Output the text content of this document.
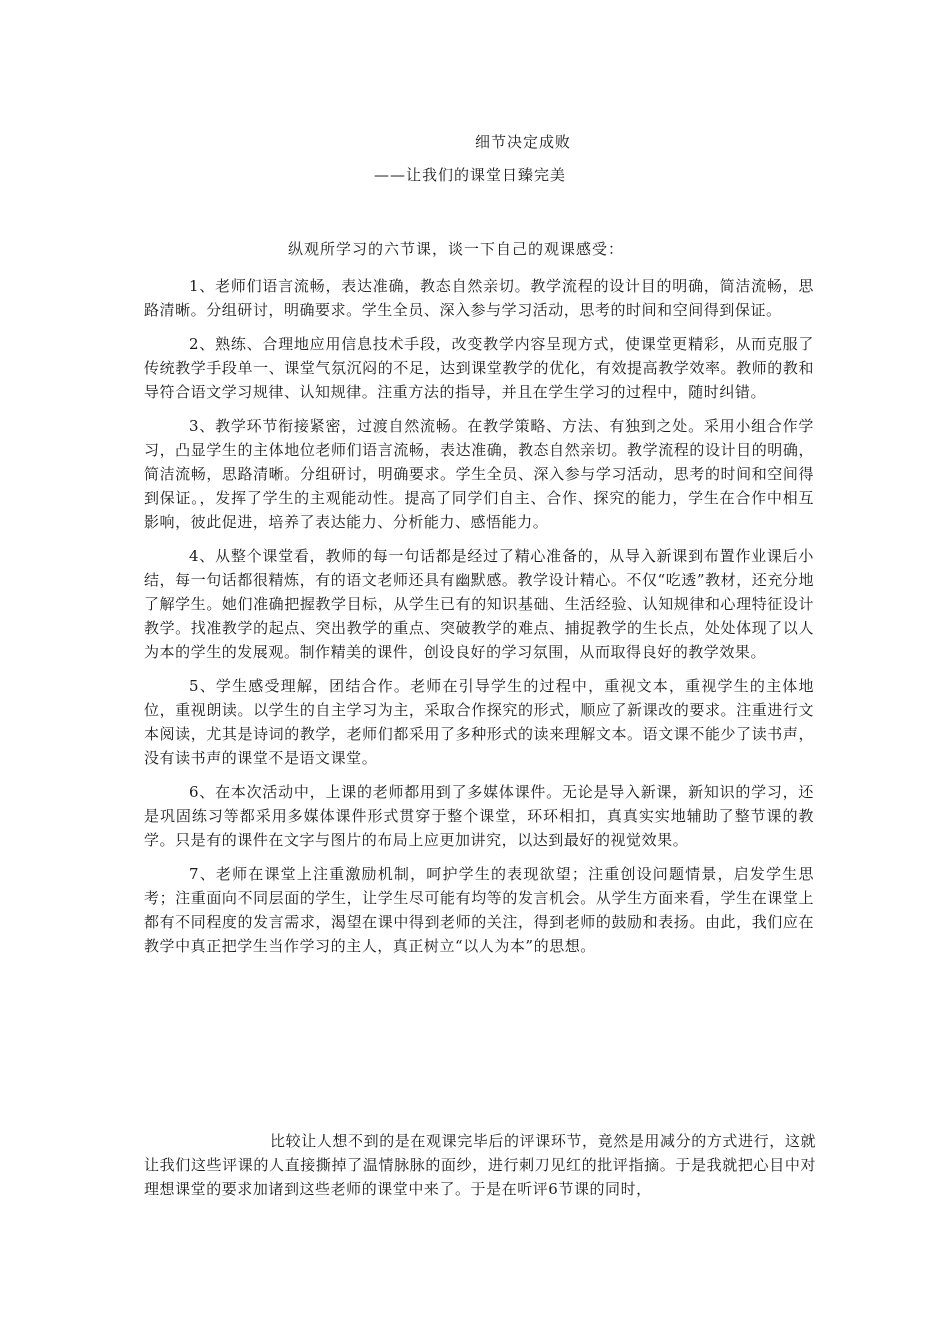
细节决定成败
——让我们的课堂日臻完美
纵观所学习的六节课，谈一下自己的观课感受：

1、老师们语言流畅，表达准确，教态自然亲切。教学流程的设计目的明确，简洁流畅，思路清晰。分组研讨，明确要求。学生全员、深入参与学习活动，思考的时间和空间得到保证。

2、熟练、合理地应用信息技术手段，改变教学内容呈现方式，使课堂更精彩，从而克服了传统教学手段单一、课堂气氛沉闷的不足，达到课堂教学的优化，有效提高教学效率。教师的教和导符合语文学习规律、认知规律。注重方法的指导，并且在学生学习的过程中，随时纠错。

3、教学环节衔接紧密，过渡自然流畅。在教学策略、方法、有独到之处。采用小组合作学习，凸显学生的主体地位老师们语言流畅，表达准确，教态自然亲切。教学流程的设计目的明确，简洁流畅，思路清晰。分组研讨，明确要求。学生全员、深入参与学习活动，思考的时间和空间得到保证。，发挥了学生的主观能动性。提高了同学们自主、合作、探究的能力，学生在合作中相互影响，彼此促进，培养了表达能力、分析能力、感悟能力。

4、从整个课堂看，教师的每一句话都是经过了精心准备的，从导入新课到布置作业课后小结，每一句话都很精炼，有的语文老师还具有幽默感。教学设计精心。不仅“吃透”教材，还充分地了解学生。她们准确把握教学目标，从学生已有的知识基础、生活经验、认知规律和心理特征设计教学。找准教学的起点、突出教学的重点、突破教学的难点、捕捉教学的生长点，处处体现了以人为本的学生的发展观。制作精美的课件，创设良好的学习氛围，从而取得良好的教学效果。

5、学生感受理解，团结合作。老师在引导学生的过程中，重视文本，重视学生的主体地位，重视朗读。以学生的自主学习为主，采取合作探究的形式，顺应了新课改的要求。注重进行文本阅读，尤其是诗词的教学，老师们都采用了多种形式的读来理解文本。语文课不能少了读书声，没有读书声的课堂不是语文课堂。

6、在本次活动中，上课的老师都用到了多媒体课件。无论是导入新课，新知识的学习，还是巩固练习等都采用多媒体课件形式贯穿于整个课堂，环环相扣，真真实实地辅助了整节课的教学。只是有的课件在文字与图片的布局上应更加讲究，以达到最好的视觉效果。

7、老师在课堂上注重激励机制，呵护学生的表现欲望；注重创设问题情景，启发学生思考；注重面向不同层面的学生，让学生尽可能有均等的发言机会。从学生方面来看，学生在课堂上都有不同程度的发言需求，渴望在课中得到老师的关注，得到老师的鼓励和表扬。由此，我们应在教学中真正把学生当作学习的主人，真正树立“以人为本”的思想。

比较让人想不到的是在观课完毕后的评课环节，竟然是用减分的方式进行，这就让我们这些评课的人直接撕掉了温情脉脉的面纱，进行刺刀见红的批评指摘。于是我就把心目中对理想课堂的要求加诸到这些老师的课堂中来了。于是在听评6节课的同时，
